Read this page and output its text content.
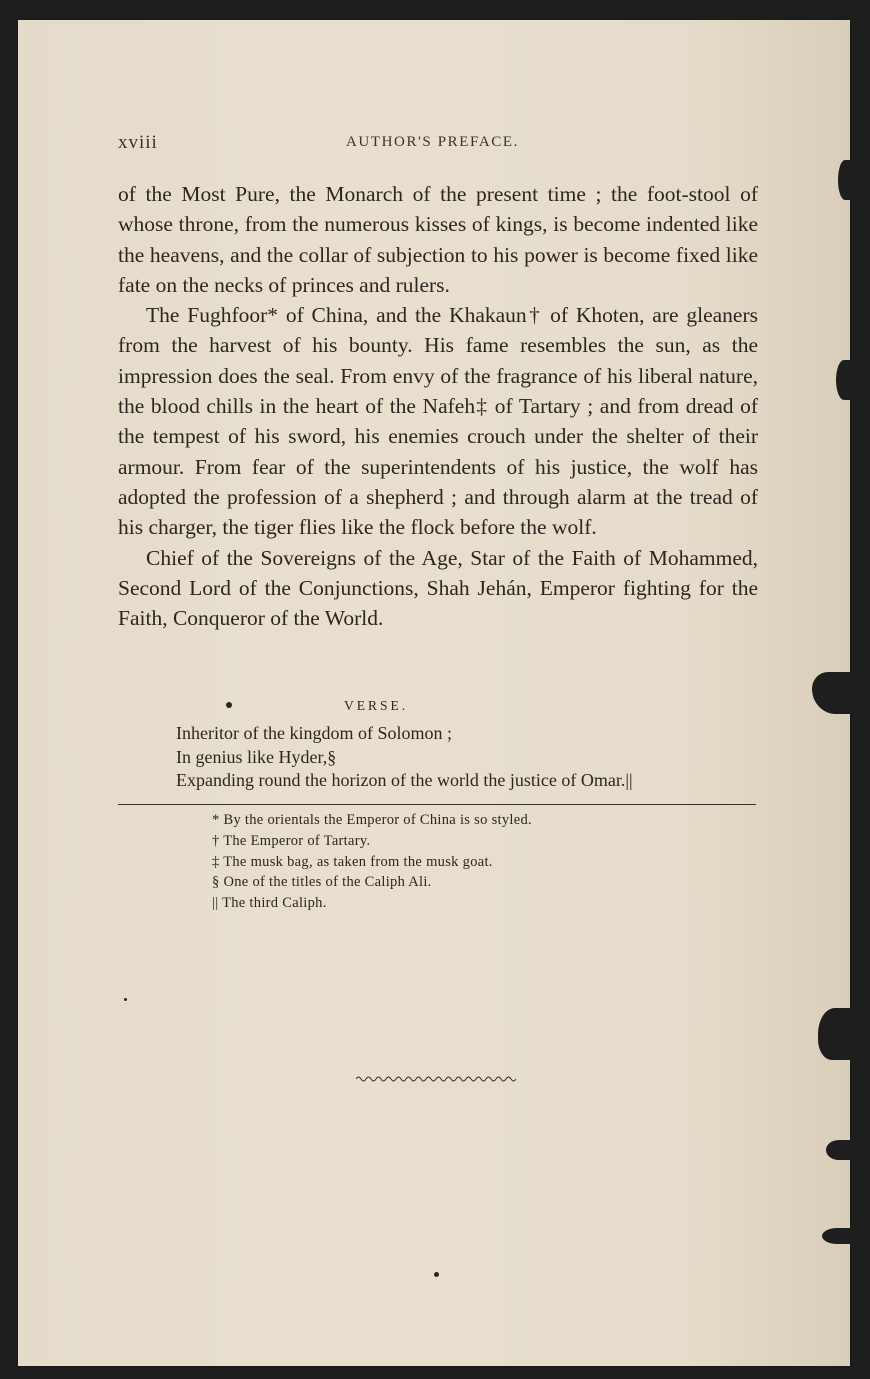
xviii	AUTHOR'S PREFACE.

of the Most Pure, the Monarch of the present time ; the foot-stool of whose throne, from the numerous kisses of kings, is become indented like the heavens, and the collar of subjection to his power is become fixed like fate on the necks of princes and rulers.

The Fughfoor* of China, and the Khakaun† of Khoten, are gleaners from the harvest of his bounty. His fame resembles the sun, as the impression does the seal. From envy of the fragrance of his liberal nature, the blood chills in the heart of the Nafeh‡ of Tartary ; and from dread of the tempest of his sword, his enemies crouch under the shelter of their armour. From fear of the superintendents of his justice, the wolf has adopted the profession of a shepherd ; and through alarm at the tread of his charger, the tiger flies like the flock before the wolf.

Chief of the Sovereigns of the Age, Star of the Faith of Mohammed, Second Lord of the Conjunctions, Shah Jehán, Emperor fighting for the Faith, Conqueror of the World.

VERSE.
Inheritor of the kingdom of Solomon ;
In genius like Hyder,§
Expanding round the horizon of the world the justice of Omar.||
* By the orientals the Emperor of China is so styled.
† The Emperor of Tartary.
‡ The musk bag, as taken from the musk goat.
§ One of the titles of the Caliph Ali.
|| The third Caliph.
